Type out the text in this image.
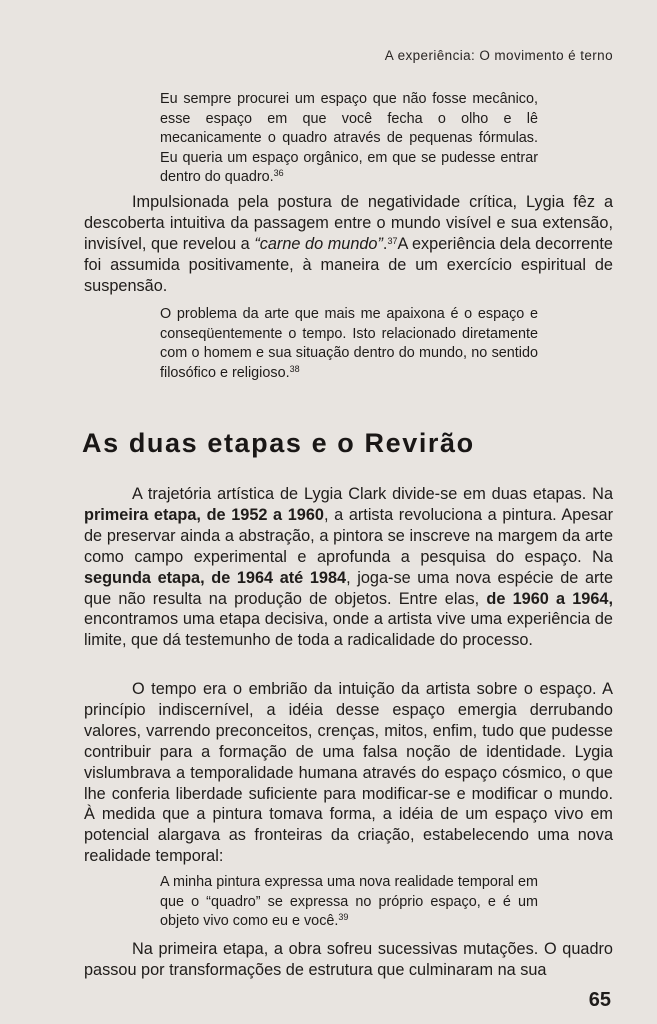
A experiência: O movimento é terno
Eu sempre procurei um espaço que não fosse mecânico, esse espaço em que você fecha o olho e lê mecanicamente o quadro através de pequenas fórmulas. Eu queria um espaço orgânico, em que se pudesse entrar dentro do quadro.$^{36}$
Impulsionada pela postura de negatividade crítica, Lygia fêz a descoberta intuitiva da passagem entre o mundo visível e sua extensão, invisível, que revelou a “carne do mundo”.$^{37}$A experiência dela decorrente foi assumida positivamente, à maneira de um exercício espiritual de suspensão.
O problema da arte que mais me apaixona é o espaço e conseqüentemente o tempo. Isto relacionado diretamente com o homem e sua situação dentro do mundo, no sentido filosófico e religioso.$^{38}$
As duas etapas e o Revirão
A trajetória artística de Lygia Clark divide-se em duas etapas. Na primeira etapa, de 1952 a 1960, a artista revoluciona a pintura. Apesar de preservar ainda a abstração, a pintora se inscreve na margem da arte como campo experimental e aprofunda a pesquisa do espaço. Na segunda etapa, de 1964 até 1984, joga-se uma nova espécie de arte que não resulta na produção de objetos. Entre elas, de 1960 a 1964, encontramos uma etapa decisiva, onde a artista vive uma experiência de limite, que dá testemunho de toda a radicalidade do processo.
O tempo era o embrião da intuição da artista sobre o espaço. A princípio indiscernível, a idéia desse espaço emergia derrubando valores, varrendo preconceitos, crenças, mitos, enfim, tudo que pudesse contribuir para a formação de uma falsa noção de identidade. Lygia vislumbrava a temporalidade humana através do espaço cósmico, o que lhe conferia liberdade suficiente para modificar-se e modificar o mundo. À medida que a pintura tomava forma, a idéia de um espaço vivo em potencial alargava as fronteiras da criação, estabelecendo uma nova realidade temporal:
A minha pintura expressa uma nova realidade temporal em que o “quadro” se expressa no próprio espaço, e é um objeto vivo como eu e você.$^{39}$
Na primeira etapa, a obra sofreu sucessivas mutações. O quadro passou por transformações de estrutura que culminaram na sua
65
